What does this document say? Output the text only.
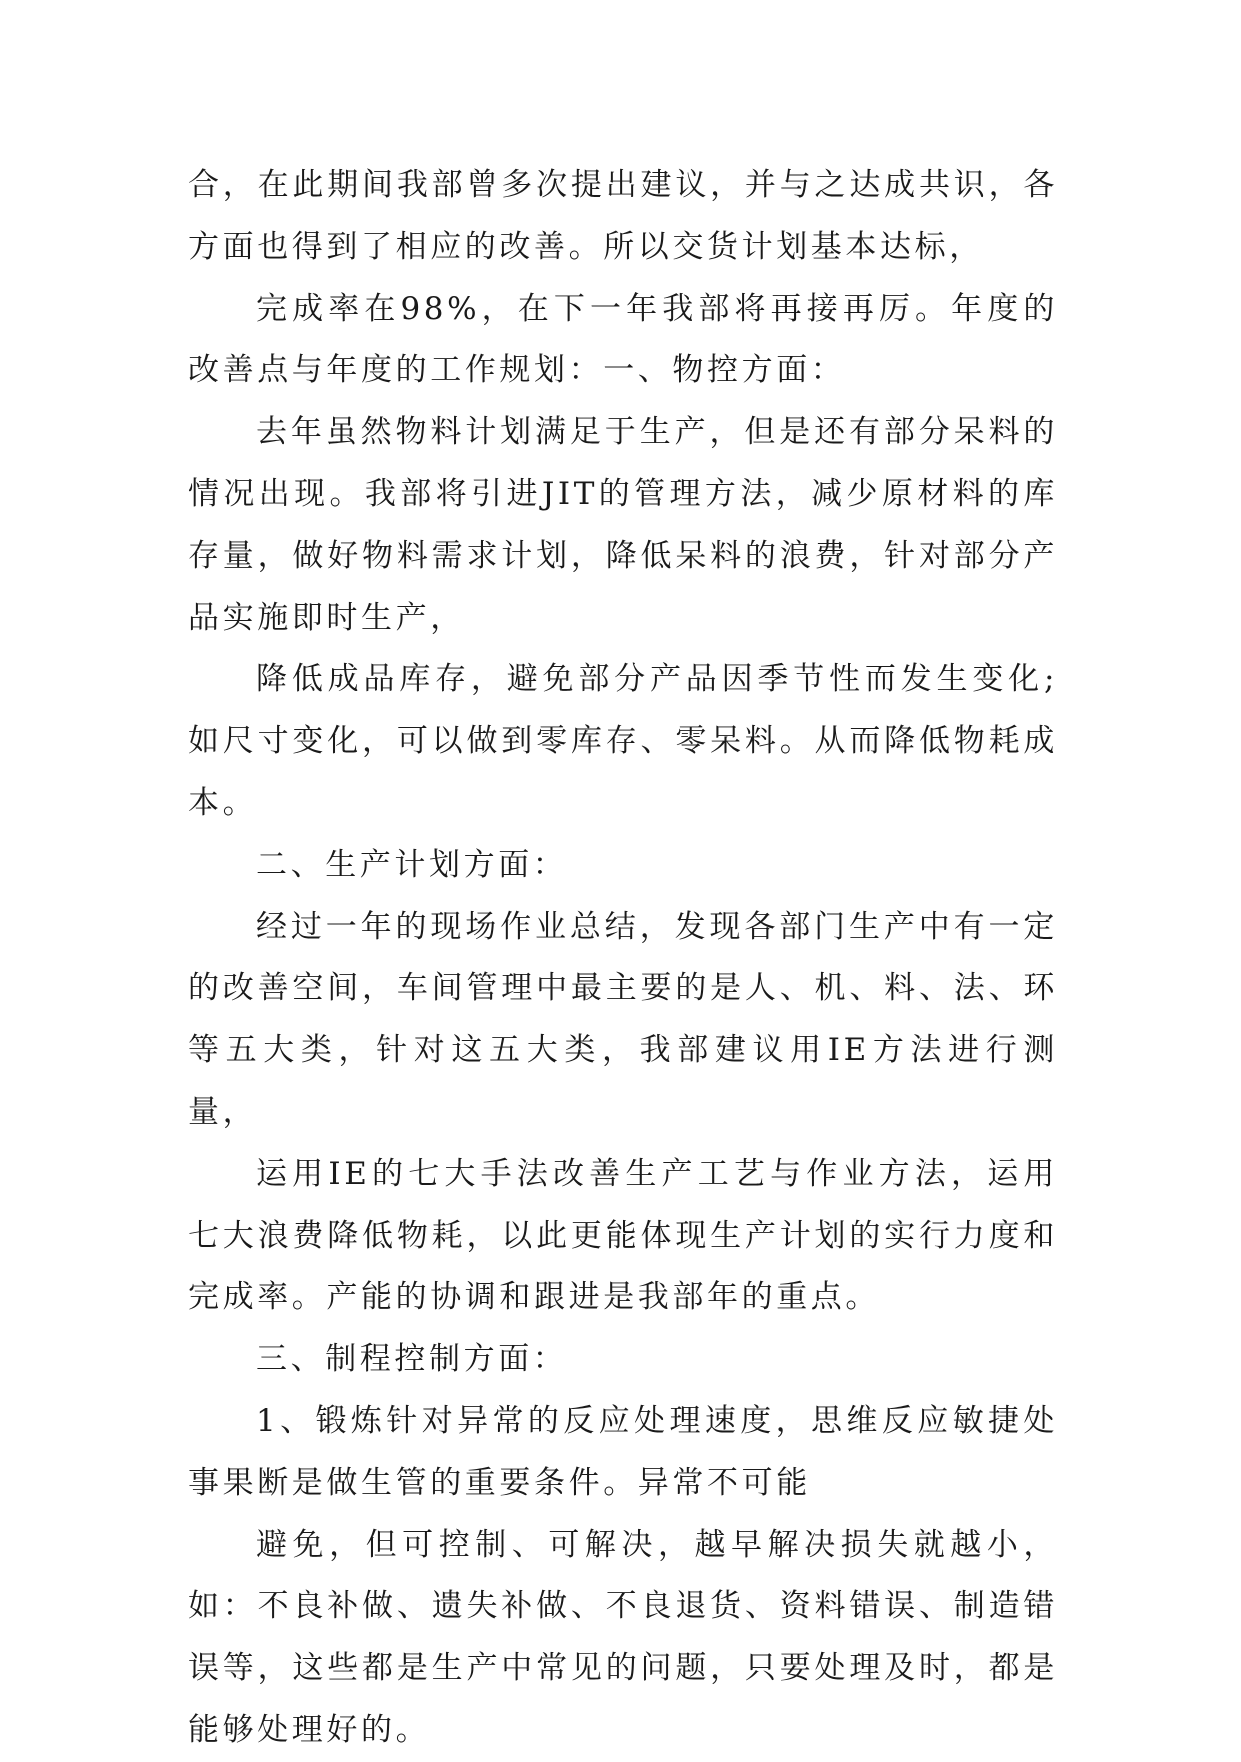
合，在此期间我部曾多次提出建议，并与之达成共识，各方面也得到了相应的改善。所以交货计划基本达标，

完成率在98%，在下一年我部将再接再厉。年度的改善点与年度的工作规划：一、物控方面：

去年虽然物料计划满足于生产，但是还有部分呆料的情况出现。我部将引进JIT的管理方法，减少原材料的库存量，做好物料需求计划，降低呆料的浪费，针对部分产品实施即时生产，

降低成品库存，避免部分产品因季节性而发生变化;如尺寸变化，可以做到零库存、零呆料。从而降低物耗成本。

二、生产计划方面：

经过一年的现场作业总结，发现各部门生产中有一定的改善空间，车间管理中最主要的是人、机、料、法、环等五大类，针对这五大类，我部建议用IE方法进行测量，

运用IE的七大手法改善生产工艺与作业方法，运用七大浪费降低物耗，以此更能体现生产计划的实行力度和完成率。产能的协调和跟进是我部年的重点。

三、制程控制方面：

1、锻炼针对异常的反应处理速度，思维反应敏捷处事果断是做生管的重要条件。异常不可能

避免，但可控制、可解决，越早解决损失就越小，如：不良补做、遗失补做、不良退货、资料错误、制造错误等，这些都是生产中常见的问题，只要处理及时，都是能够处理好的。
